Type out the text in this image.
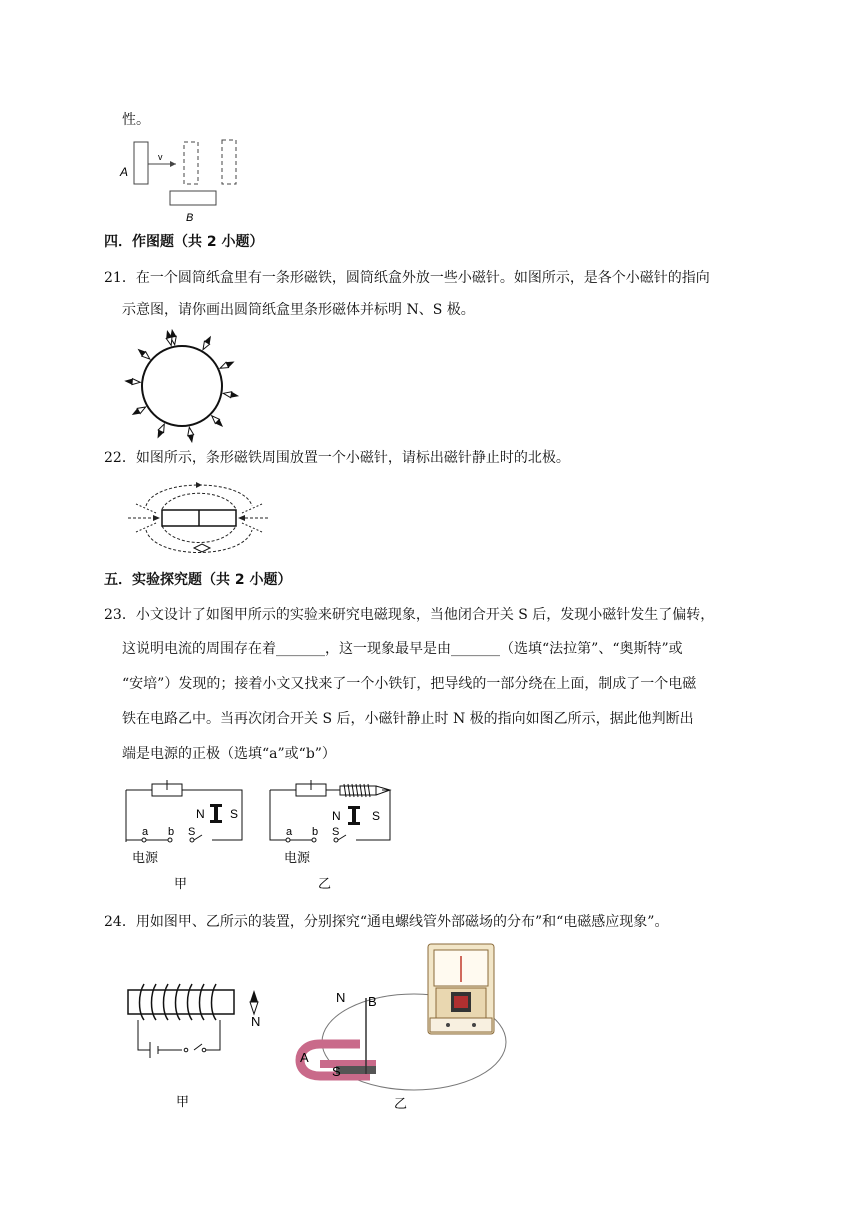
性。
A
v
B
四．作图题（共 2 小题）
21．在一个圆筒纸盒里有一条形磁铁，圆筒纸盒外放一些小磁针。如图所示，是各个小磁针的指向
示意图，请你画出圆筒纸盒里条形磁体并标明 N、S 极。
22．如图所示，条形磁铁周围放置一个小磁针，请标出磁针静止时的北极。
五．实验探究题（共 2 小题）
23．小文设计了如图甲所示的实验来研究电磁现象，当他闭合开关 S 后，发现小磁针发生了偏转，
这说明电流的周围存在着_______，这一现象最早是由_______（选填“法拉第”、“奥斯特”或
“安培”）发现的；接着小文又找来了一个小铁钉，把导线的一部分绕在上面，制成了一个电磁
铁在电路乙中。当再次闭合开关 S 后，小磁针静止时 N 极的指向如图乙所示，据此他判断出
端是电源的正极（选填“a”或“b”）
a b S
N S
电源
甲
a b S
N	S
电源
乙
24．用如图甲、乙所示的装置，分别探究“通电螺线管外部磁场的分布”和“电磁感应现象”。
N
甲
N B
A
S
乙
